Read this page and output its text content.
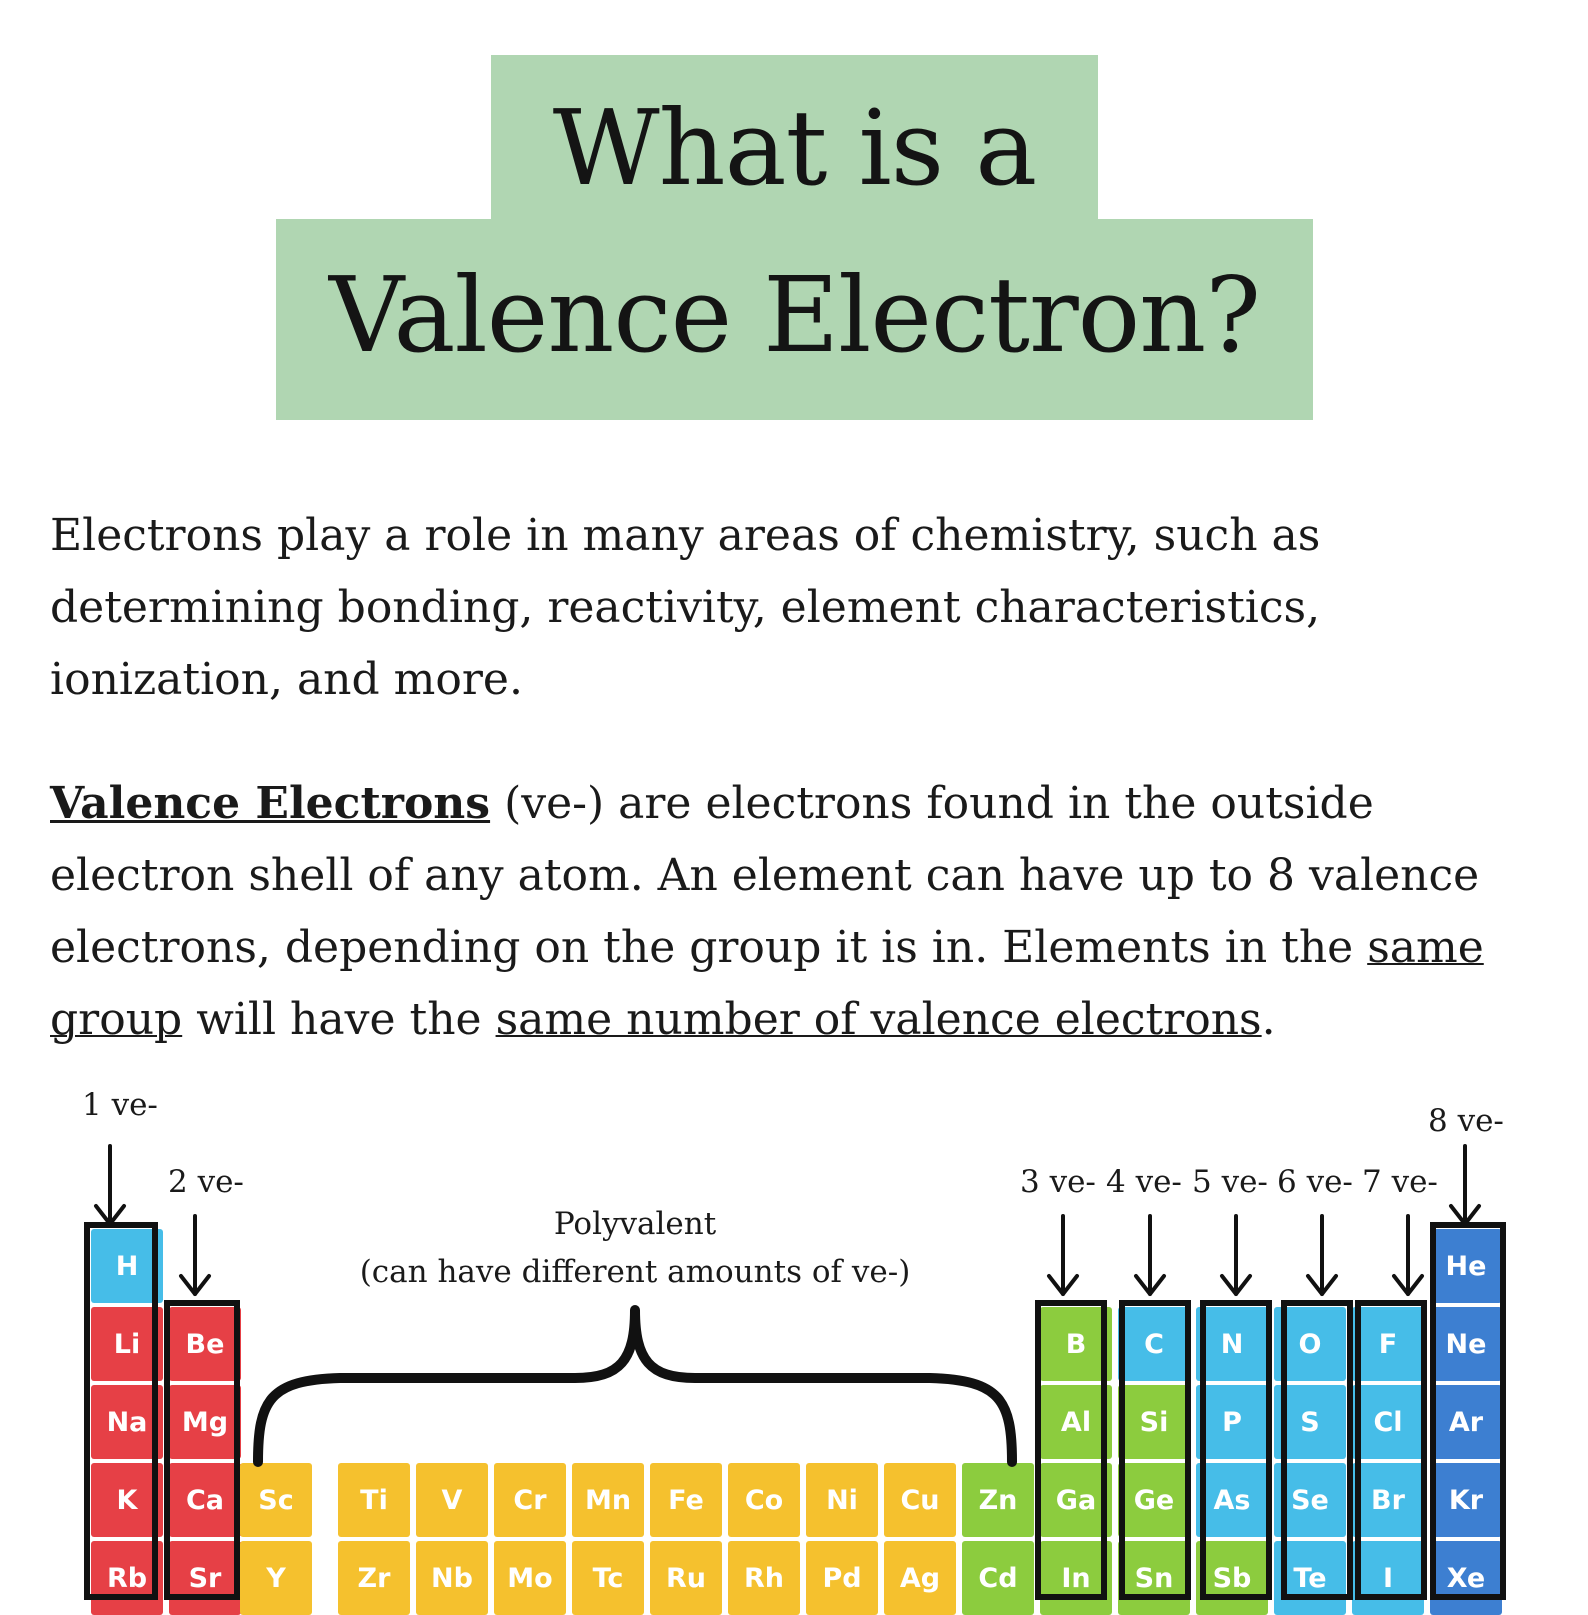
What is a
Valence Electron?
Electrons play a role in many areas of chemistry, such as
determining bonding, reactivity, element characteristics,
ionization, and more.
Valence Electrons (ve-) are electrons found in the outside
electron shell of any atom. An element can have up to 8 valence
electrons, depending on the group it is in. Elements in the same
group will have the same number of valence electrons.
1 ve-
2 ve-	3 ve- 4 ve- 5 ve- 6 ve- 7 ve-
8 ve-
Polyvalent
(can have different amounts of ve-)
H	He
Li Be	B C N O F Ne
Na Mg	Al Si P S Cl Ar
K Ca Sc Ti V Cr Mn Fe Co Ni Cu Zn Ga Ge As Se Br Kr
Rb Sr Y	Zr Nb Mo Tc Ru Rh Pd Ag Cd In Sn Sb Te I Xe
